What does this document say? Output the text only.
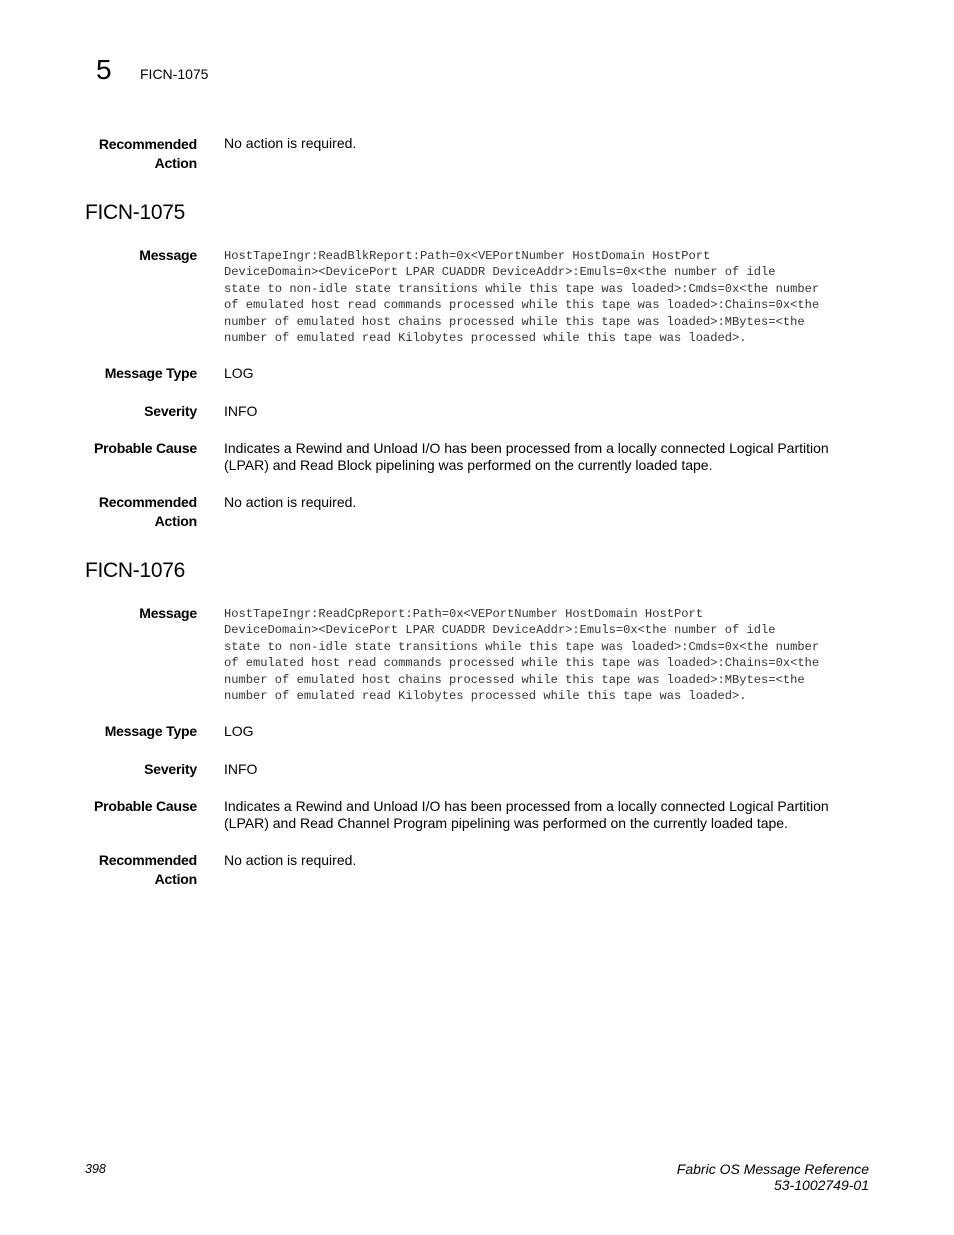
5 FICN-1075
Recommended
Action
No action is required.
FICN-1075
Message HostTapeIngr:ReadBlkReport:Path=0x<VEPortNumber HostDomain HostPort
DeviceDomain><DevicePort LPAR CUADDR DeviceAddr>:Emuls=0x<the number of idle
state to non-idle state transitions while this tape was loaded>:Cmds=0x<the number
of emulated host read commands processed while this tape was loaded>:Chains=0x<the
number of emulated host chains processed while this tape was loaded>:MBytes=<the
number of emulated read Kilobytes processed while this tape was loaded>.
Message Type LOG
Severity INFO
Probable Cause Indicates a Rewind and Unload I/O has been processed from a locally connected Logical Partition
(LPAR) and Read Block pipelining was performed on the currently loaded tape.
Recommended
Action
No action is required.
FICN-1076
Message HostTapeIngr:ReadCpReport:Path=0x<VEPortNumber HostDomain HostPort
DeviceDomain><DevicePort LPAR CUADDR DeviceAddr>:Emuls=0x<the number of idle
state to non-idle state transitions while this tape was loaded>:Cmds=0x<the number
of emulated host read commands processed while this tape was loaded>:Chains=0x<the
number of emulated host chains processed while this tape was loaded>:MBytes=<the
number of emulated read Kilobytes processed while this tape was loaded>.
Message Type LOG
Severity INFO
Probable Cause Indicates a Rewind and Unload I/O has been processed from a locally connected Logical Partition
(LPAR) and Read Channel Program pipelining was performed on the currently loaded tape.
Recommended
Action
No action is required.
398	Fabric OS Message Reference
53-1002749-01
